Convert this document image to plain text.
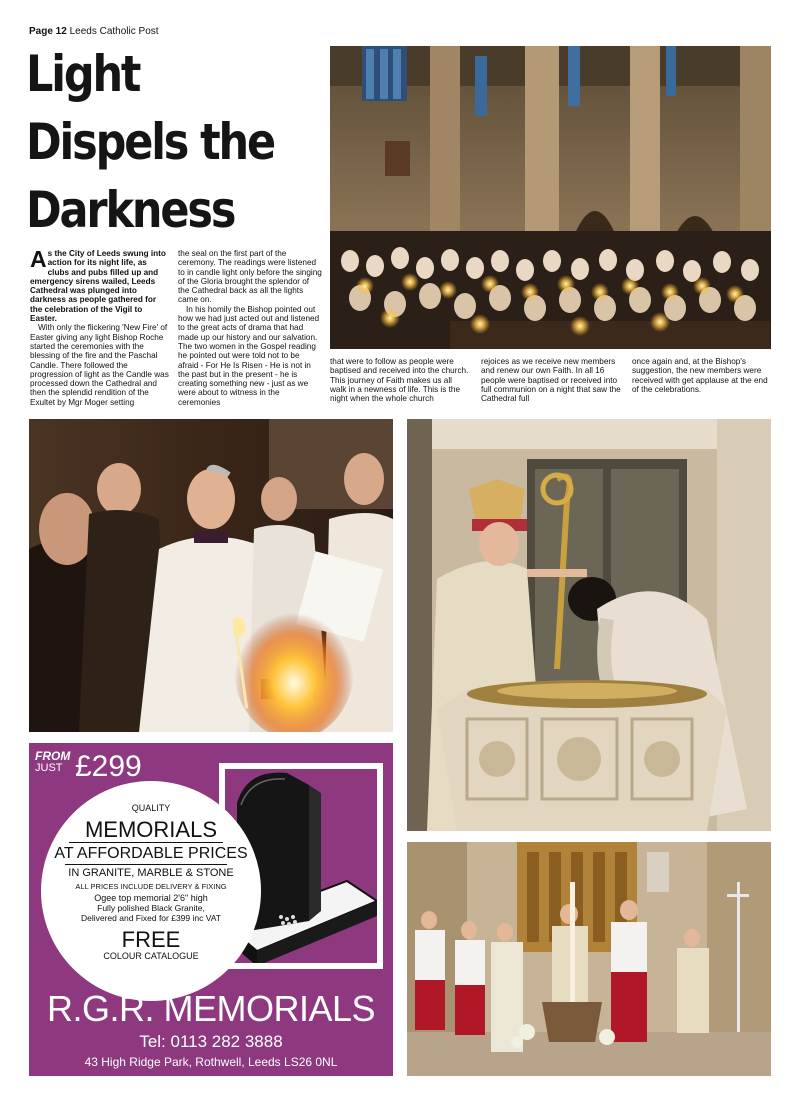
Page 12 Leeds Catholic Post
Light
Dispels the
Darkness

As the City of Leeds swung into action for its night life, as clubs and pubs filled up and emergency sirens wailed, Leeds Cathedral was plunged into darkness as people gathered for the celebration of the Vigil to Easter.

With only the flickering 'New Fire' of Easter giving any light Bishop Roche started the ceremonies with the blessing of the fire and the Paschal Candle. There followed the progression of light as the Candle was processed down the Cathedral and then the splendid rendition of the Exultet by Mgr Moger setting

the seal on the first part of the ceremony. The readings were listened to in candle light only before the singing of the Gloria brought the splendor of the Cathedral back as all the lights came on.

In his homily the Bishop pointed out how we had just acted out and listened to the great acts of drama that had made up our history and our salvation. The two women in the Gospel reading he pointed out were told not to be afraid - For He Is Risen - He is not in the past but in the present - he is creating something new - just as we were about to witness in the ceremonies

that were to follow as people were baptised and received into the church. This journey of Faith makes us all walk in a newness of life. This is the night when the whole church

rejoices as we receive new members and renew our own Faith. In all 16 people were baptised or received into full communion on a night that saw the Cathedral full

once again and, at the Bishop's suggestion, the new members were received with get applause at the end of the celebrations.

FROM
JUST £299
QUALITY
MEMORIALS
AT AFFORDABLE PRICES
IN GRANITE, MARBLE & STONE
ALL PRICES INCLUDE DELIVERY & FIXING
Ogee top memorial 2'6" high
Fully polished Black Granite,
Delivered and Fixed for £399 inc VAT
FREE
COLOUR CATALOGUE
R.G.R. MEMORIALS
Tel: 0113 282 3888
43 High Ridge Park, Rothwell, Leeds LS26 0NL
